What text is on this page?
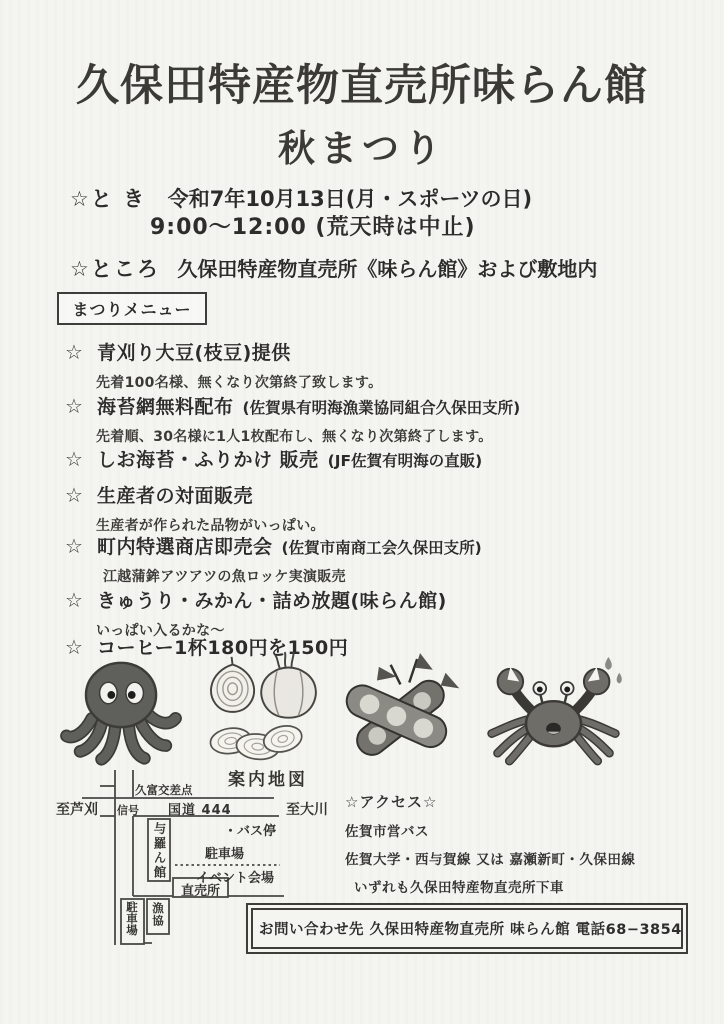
久保田特産物直売所味らん館
秋まつり
☆と き 令和7年10月13日(月・スポーツの日)
9:00〜12:00 (荒天時は中止)
☆ところ 久保田特産物直売所《味らん館》および敷地内
まつりメニュー
☆ 青刈り大豆(枝豆)提供
先着100名様、無くなり次第終了致します。
☆ 海苔網無料配布 (佐賀県有明海漁業協同組合久保田支所)
先着順、30名様に1人1枚配布し、無くなり次第終了します。
☆ しお海苔・ふりかけ 販売 (JF佐賀有明海の直販)
☆ 生産者の対面販売
生産者が作られた品物がいっぱい。
☆ 町内特選商店即売会 (佐賀市南商工会久保田支所)
江越蒲鉾アツアツの魚ロッケ実演販売
☆ きゅうり・みかん・詰め放題(味らん館)
いっぱい入るかな〜
☆ コーヒー1杯180円を150円
案内地図
久富交差点
至芦刈 信号 国道 444	至大川
与羅ん館	・バス停
駐車場
イベント会場
直売所
駐車場 漁協
☆アクセス☆
佐賀市営バス
佐賀大学・西与賀線 又は 嘉瀬新町・久保田線
いずれも久保田特産物直売所下車
お問い合わせ先 久保田特産物直売所 味らん館 電話68−3854
